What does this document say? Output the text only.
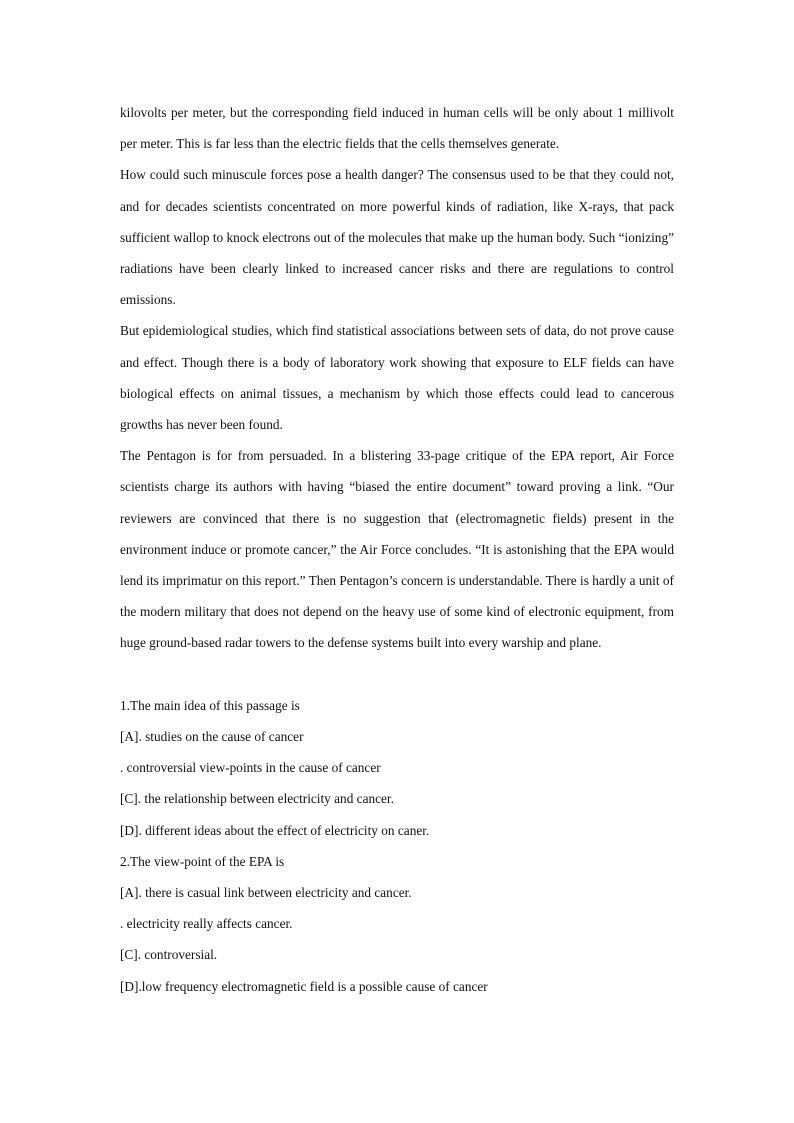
kilovolts per meter, but the corresponding field induced in human cells will be only about 1 millivolt per meter. This is far less than the electric fields that the cells themselves generate.

How could such minuscule forces pose a health danger? The consensus used to be that they could not, and for decades scientists concentrated on more powerful kinds of radiation, like X-rays, that pack sufficient wallop to knock electrons out of the molecules that make up the human body. Such “ionizing” radiations have been clearly linked to increased cancer risks and there are regulations to control emissions.

But epidemiological studies, which find statistical associations between sets of data, do not prove cause and effect. Though there is a body of laboratory work showing that exposure to ELF fields can have biological effects on animal tissues, a mechanism by which those effects could lead to cancerous growths has never been found.

The Pentagon is for from persuaded. In a blistering 33-page critique of the EPA report, Air Force scientists charge its authors with having “biased the entire document” toward proving a link. “Our reviewers are convinced that there is no suggestion that (electromagnetic fields) present in the environment induce or promote cancer,” the Air Force concludes. “It is astonishing that the EPA would lend its imprimatur on this report.” Then Pentagon’s concern is understandable. There is hardly a unit of the modern military that does not depend on the heavy use of some kind of electronic equipment, from huge ground-based radar towers to the defense systems built into every warship and plane.

1.The main idea of this passage is

[A]. studies on the cause of cancer

. controversial view-points in the cause of cancer

[C]. the relationship between electricity and cancer.

[D]. different ideas about the effect of electricity on caner.

2.The view-point of the EPA is

[A]. there is casual link between electricity and cancer.

. electricity really affects cancer.

[C]. controversial.

[D].low frequency electromagnetic field is a possible cause of cancer
